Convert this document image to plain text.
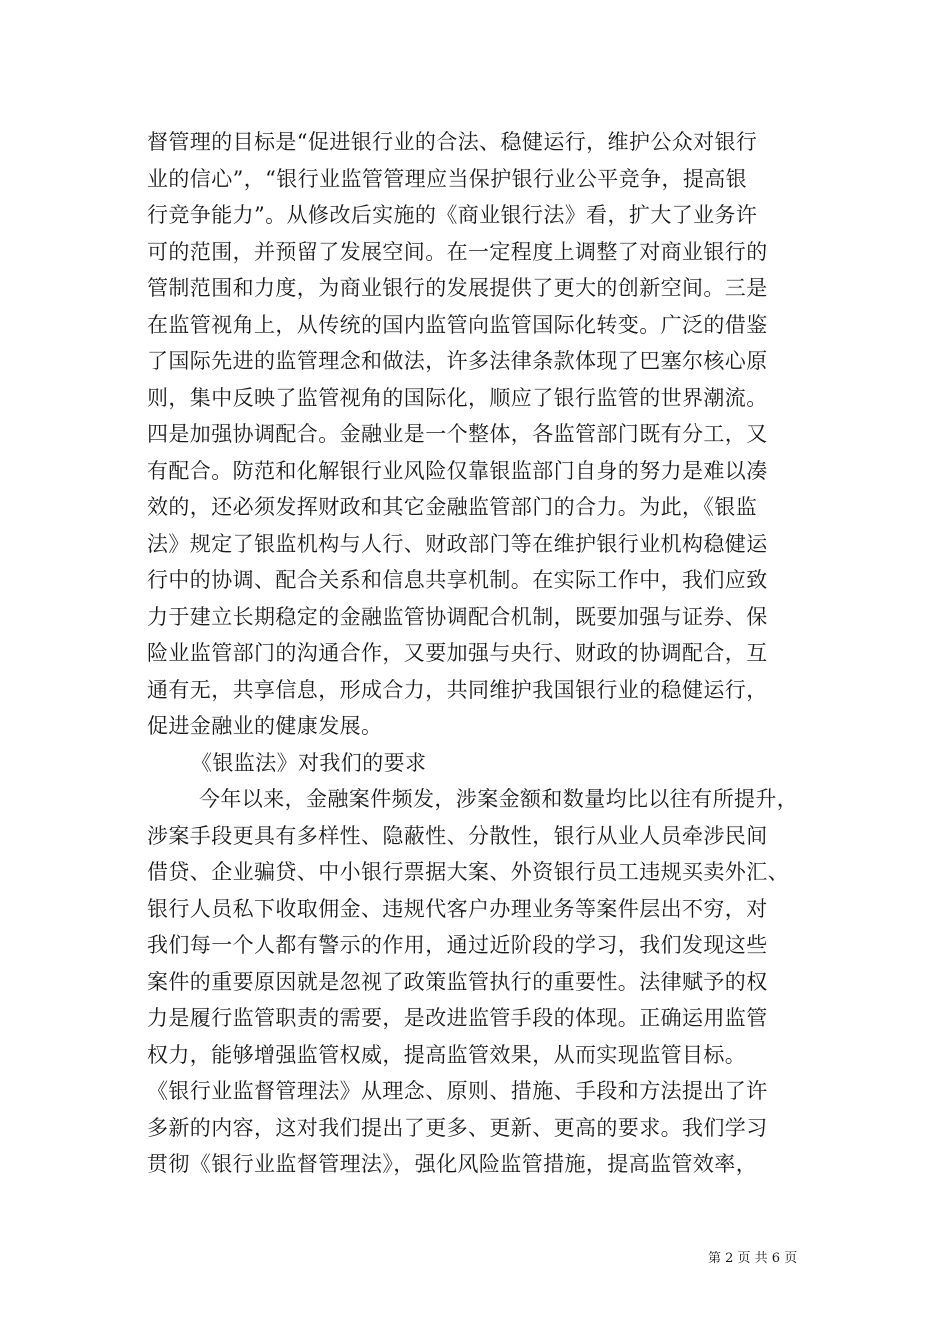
督管理的目标是“促进银行业的合法、稳健运行，维护公众对银行
业的信心”，“银行业监管管理应当保护银行业公平竞争，提高银
行竞争能力”。从修改后实施的《商业银行法》看，扩大了业务许
可的范围，并预留了发展空间。在一定程度上调整了对商业银行的
管制范围和力度，为商业银行的发展提供了更大的创新空间。三是
在监管视角上，从传统的国内监管向监管国际化转变。广泛的借鉴
了国际先进的监管理念和做法，许多法律条款体现了巴塞尔核心原
则，集中反映了监管视角的国际化，顺应了银行监管的世界潮流。
四是加强协调配合。金融业是一个整体，各监管部门既有分工，又
有配合。防范和化解银行业风险仅靠银监部门自身的努力是难以凑
效的，还必须发挥财政和其它金融监管部门的合力。为此，《银监
法》规定了银监机构与人行、财政部门等在维护银行业机构稳健运
行中的协调、配合关系和信息共享机制。在实际工作中，我们应致
力于建立长期稳定的金融监管协调配合机制，既要加强与证券、保
险业监管部门的沟通合作，又要加强与央行、财政的协调配合，互
通有无，共享信息，形成合力，共同维护我国银行业的稳健运行，
促进金融业的健康发展。
《银监法》对我们的要求
今年以来，金融案件频发，涉案金额和数量均比以往有所提升，
涉案手段更具有多样性、隐蔽性、分散性，银行从业人员牵涉民间
借贷、企业骗贷、中小银行票据大案、外资银行员工违规买卖外汇、
银行人员私下收取佣金、违规代客户办理业务等案件层出不穷，对
我们每一个人都有警示的作用，通过近阶段的学习，我们发现这些
案件的重要原因就是忽视了政策监管执行的重要性。法律赋予的权
力是履行监管职责的需要，是改进监管手段的体现。正确运用监管
权力，能够增强监管权威，提高监管效果，从而实现监管目标。
《银行业监督管理法》从理念、原则、措施、手段和方法提出了许
多新的内容，这对我们提出了更多、更新、更高的要求。我们学习
贯彻《银行业监督管理法》，强化风险监管措施，提高监管效率，
第 2 页 共 6 页
